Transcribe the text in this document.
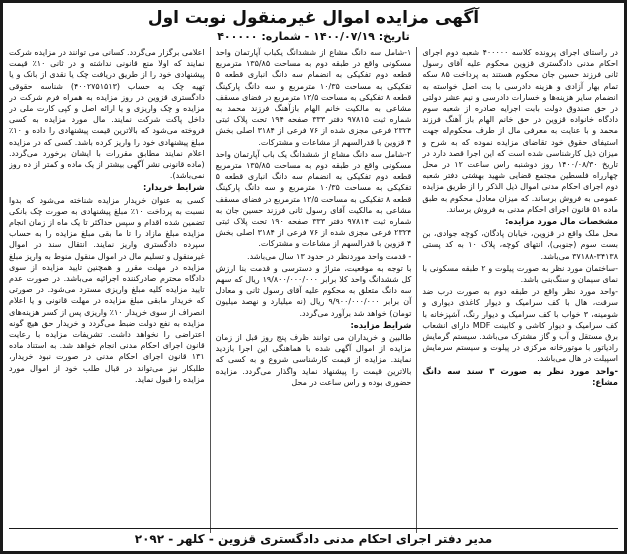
آگهی مزایده اموال غیرمنقول نوبت اول
تاریخ: ۱۴۰۰/۰۷/۱۹ - شماره: ۴۰۰۰۰۰

در راستای اجرای پرونده کلاسه ۴۰۰۰۰۰ شعبه دوم اجرای احکام مدنی دادگستری قزوین محکوم علیه آقای رسول ثانی فرزند حسین جان محکوم هستند به پرداخت ۸۵ سکه تمام بهار آزادی و هزینه دادرسی با بت اصل خواسته به انضمام سایر هزینه‌ها و خسارات دادرسی و نیم عشر دولتی در حق صندوق دولت بابت اجرایه صادره از شعبه سوم دادگاه خانواده قزوین در حق خانم الهام باز آهنگ فرزند محمد و با عنایت به معرفی مال از طرف محکوم‌له جهت استیفای حقوق خود تقاضای مزایده نموده که به شرح و میزان ذیل کارشناسی شده است که این اجرا قصد دارد در تاریخ ۱۴۰۰/۰۸/۳۰ روز دوشنبه راس ساعت ۱۲ در محل چهارراه فلسطین مجتمع قضایی شهید بهشتی دفتر شعبه دوم اجرای احکام مدنی اموال ذیل الذکر را از طریق مزایده عمومی به فروش برساند. که میزان معادل محکوم به طبق ماده ۵۱ قانون اجرای احکام مدنی به فروش برساند.

مشخصات مال مورد مزایده:

محل ملک واقع در قزوین، خیابان پادگان، کوچه جوادی، بن بست سوم (جنوبی)، انتهای کوچه، پلاک ۱۰ به کد پستی ۳۴۱۳۸-۳۷۱۸۸ می‌باشد.

-ساختمان مورد نظر به صورت پیلوت و ۲ طبقه مسکونی با نمای سیمان و سنگ‌بنی باشد.

-واحد مورد نظر واقع در طبقه دوم به صورت درب ضد سرقت، هال با کف سرامیک و دیوار کاغذی دیواری و شومینه، ۳ خواب با کف سرامیک و دیوار رنگ، آشپزخانه با کف سرامیک و دیوار کاشی و کابینت MDF دارای انشعاب برق مستقل و آب و گاز مشترک می‌باشد. سیستم گرمایش رادیاتور با موتورخانه مرکزی در پیلوت و سیستم سرمایش اسپیلت در هال می‌باشد.

-واحد مورد نظر به صورت ۳ سند سه دانگ مشاع:

۱-شامل سه دانگ مشاع از ششدانگ یکباب آپارتمان واحد مسکونی واقع در طبقه دوم به مساحت ۱۳۵/۸۵ مترمربع قطعه دوم تفکیکی به انضمام سه دانگ انباری قطعه ۵ تفکیکی به مساحت ۱۰/۳۵ مترمربع و سه دانگ پارکینگ قطعه ۸ تفکیکی به مساحت ۱۲/۵ مترمربع در فضای مسقف مشاعی به مالکیت خانم الهام بازآهنگ فرزند محمد به شماره ثبت ۹۷۸۱۵ دفتر ۳۳۳ صفحه ۱۹۴ تحت پلاک ثبتی ۲۳۲۴ فرعی مجزی شده از ۷۶ فرعی از ۳۱۸۴ اصلی بخش ۴ قزوین با قدرالسهم از مشاعات و مشترکات.

۲-شامل سه دانگ مشاع از ششدانگ یک باب آپارتمان واحد مسکونی واقع در طبقه دوم به مساحت ۱۳۵/۸۵ مترمربع قطعه دوم تفکیکی به انضمام سه دانگ انباری قطعه ۵ تفکیکی به مساحت ۱۰/۳۵ مترمربع و سه دانگ پارکینگ قطعه ۸ تفکیکی به مساحت ۱۲/۵ مترمربع در فضای مسقف مشاعی به مالکیت آقای رسول ثانی فرزند حسین جان به شماره ثبت ۹۷۸۱۴ دفتر ۳۳۳ صفحه ۱۹۰ تحت پلاک ثبتی ۲۳۲۴ فرعی مجزی شده از ۷۶ فرعی از ۳۱۸۴ اصلی بخش ۴ قزوین با قدرالسهم از مشاعات و مشترکات.

- قدمت واحد موردنظر در حدود ۱۳ سال می‌باشد.

با توجه به موقعیت، متراژ و دسترسی و قدمت بنا ارزش کل ششدانگ واحد کلا برابر ۱۹/۸۰۰/۰۰۰/۰۰۰ ریال که سهم سه دانگ متعلق به محکوم علیه آقای رسول ثانی و معادل آن برابر ۹/۹۰۰/۰۰۰/۰۰۰ ریال (نه میلیارد و نهصد میلیون تومان) خواهد شد برآورد می‌گردد.

شرایط مزایده:

طالبین و خریداران می توانند ظرف پنج روز قبل از زمان مزایده از اموال آگهی شده با هماهنگی این اجرا بازدید نمایند. مزایده از قیمت کارشناسی شروع و به کسی که بالاترین قیمت را پیشنهاد نماید واگذار می‌گردد. مزایده حضوری بوده و راس ساعت در محل

اعلامی برگزار می‌گردد. کسانی می توانند در مزایده شرکت نمایند که اولا منع قانونی نداشته و در ثانی ۱۰٪ قیمت پیشنهادی خود را از طریق دریافت چک یا نقدی از بانک و یا تهیه چک به حساب (۴۰۰۲۷۵۱۵۱۳) شناسه حقوقی دادگستری قزوین در روز مزایده به همراه فرم شرکت در مزایده و چک واریزی و یا ارائه اصل و کپی کارت ملی در داخل پاکت شرکت نمایند. مال مورد مزایده به کسی فروخته می‌شود که بالاترین قیمت پیشنهادی را داده و ۱۰٪ مبلغ پیشنهادی خود را واریز کرده باشد. کسی که در مزایده اعلام نمایند مطابق مقررات با ایشان برخورد می‌گردد. (ماده قانونی نشر آگهی بیشتر از یک ماده و کمتر از ده روز نمی‌باشد).

شرایط خریدار:

کسی به عنوان خریدار مزایده شناخته می‌شود که بدوا نسبت به پرداخت ۱۰٪ مبلغ پیشنهادی به صورت چک بانکی تضمین شده اقدام و سپس حداکثر تا یک ماه از زمان انجام مزایده مبلغ مازاد را تا ما بقی مبلغ مزایده را به حساب سپرده دادگستری واریز نمایند. انتقال سند در اموال غیرمنقول و تسلیم مال در اموال منقول منوط به واریز مبلغ مزایده در مهلت مقرر و همچنین تایید مزایده از سوی دادگاه محترم صادرکننده اجرائیه می‌باشد. در صورت عدم تایید مزایده کلیه مبلغ واریزی مسترد می‌شود. در صورتی که خریدار مابقی مبلغ مزایده در مهلت قانونی و یا اعلام انصراف از سوی خریدار ۱۰٪ واریزی پس از کسر هزینه‌های مزایده به نفع دولت ضبط می‌گردد و خریدار حق هیچ گونه اعتراضی را نخواهد داشت. تشریفات مزایده با رعایت قانون اجرای احکام مدنی انجام خواهد شد. به استناد ماده ۱۳۱ قانون اجرای احکام مدنی در صورت نبود خریدار، طلبکار نیز می‌تواند در قبال طلب خود از اموال مورد مزایده را قبول نماید.

مدیر دفتر اجرای احکام مدنی دادگستری قزوین - کلهر - ۲۰۹۲
